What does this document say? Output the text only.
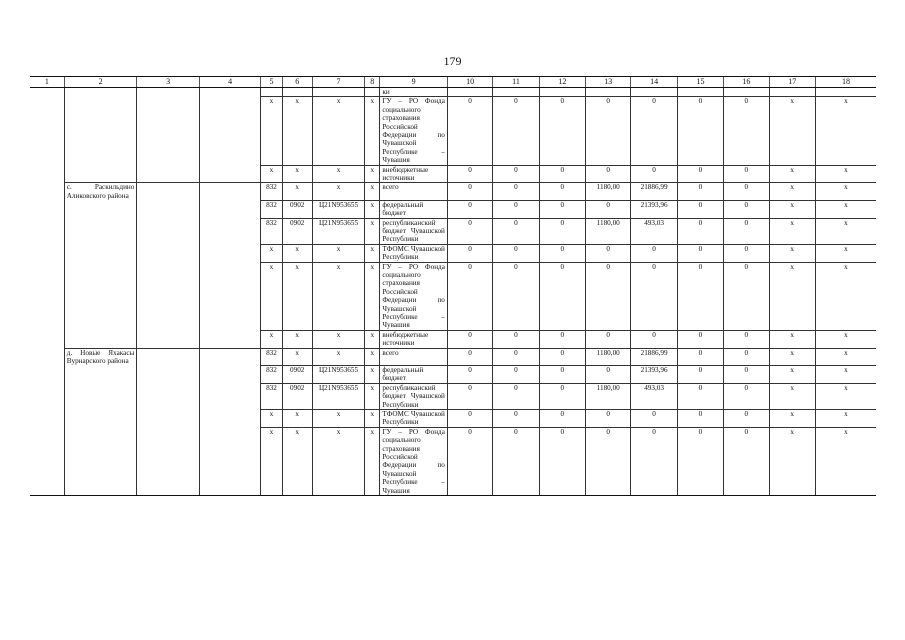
179
1	2	3	4	5	6	7	8	9	10	11	12	13	14	15	16	17	18
								ки									
				х	х	х	х	ГУ – РО Фонда социального страхования Российской Федерации по Чувашской Республике – Чувашия	0	0	0	0	0	0	0	х	х
				х	х	х	х	внебюджетные источники	0	0	0	0	0	0	0	х	х
	с. Раскильдино Аликовского района			832	х	х	х	всего	0	0	0	1180,00	21886,99	0	0	х	х
				832	0902	Ц21N953655	х	федеральный бюджет	0	0	0	0	21393,96	0	0	х	х
				832	0902	Ц21N953655	х	республиканский бюджет Чувашской Республики	0	0	0	1180,00	493,03	0	0	х	х
				х	х	х	х	ТФОМС Чувашской Республики	0	0	0	0	0	0	0	х	х
				х	х	х	х	ГУ – РО Фонда социального страхования Российской Федерации по Чувашской Республике – Чувашия	0	0	0	0	0	0	0	х	х
				х	х	х	х	внебюджетные источники	0	0	0	0	0	0	0	х	х
	д. Новые Яхакасы Вурнарского района			832	х	х	х	всего	0	0	0	1180,00	21886,99	0	0	х	х
				832	0902	Ц21N953655	х	федеральный бюджет	0	0	0	0	21393,96	0	0	х	х
				832	0902	Ц21N953655	х	республиканский бюджет Чувашской Республики	0	0	0	1180,00	493,03	0	0	х	х
				х	х	х	х	ТФОМС Чувашской Республики	0	0	0	0	0	0	0	х	х
				х	х	х	х	ГУ – РО Фонда социального страхования Российской Федерации по Чувашской Республике – Чувашия	0	0	0	0	0	0	0	х	х
